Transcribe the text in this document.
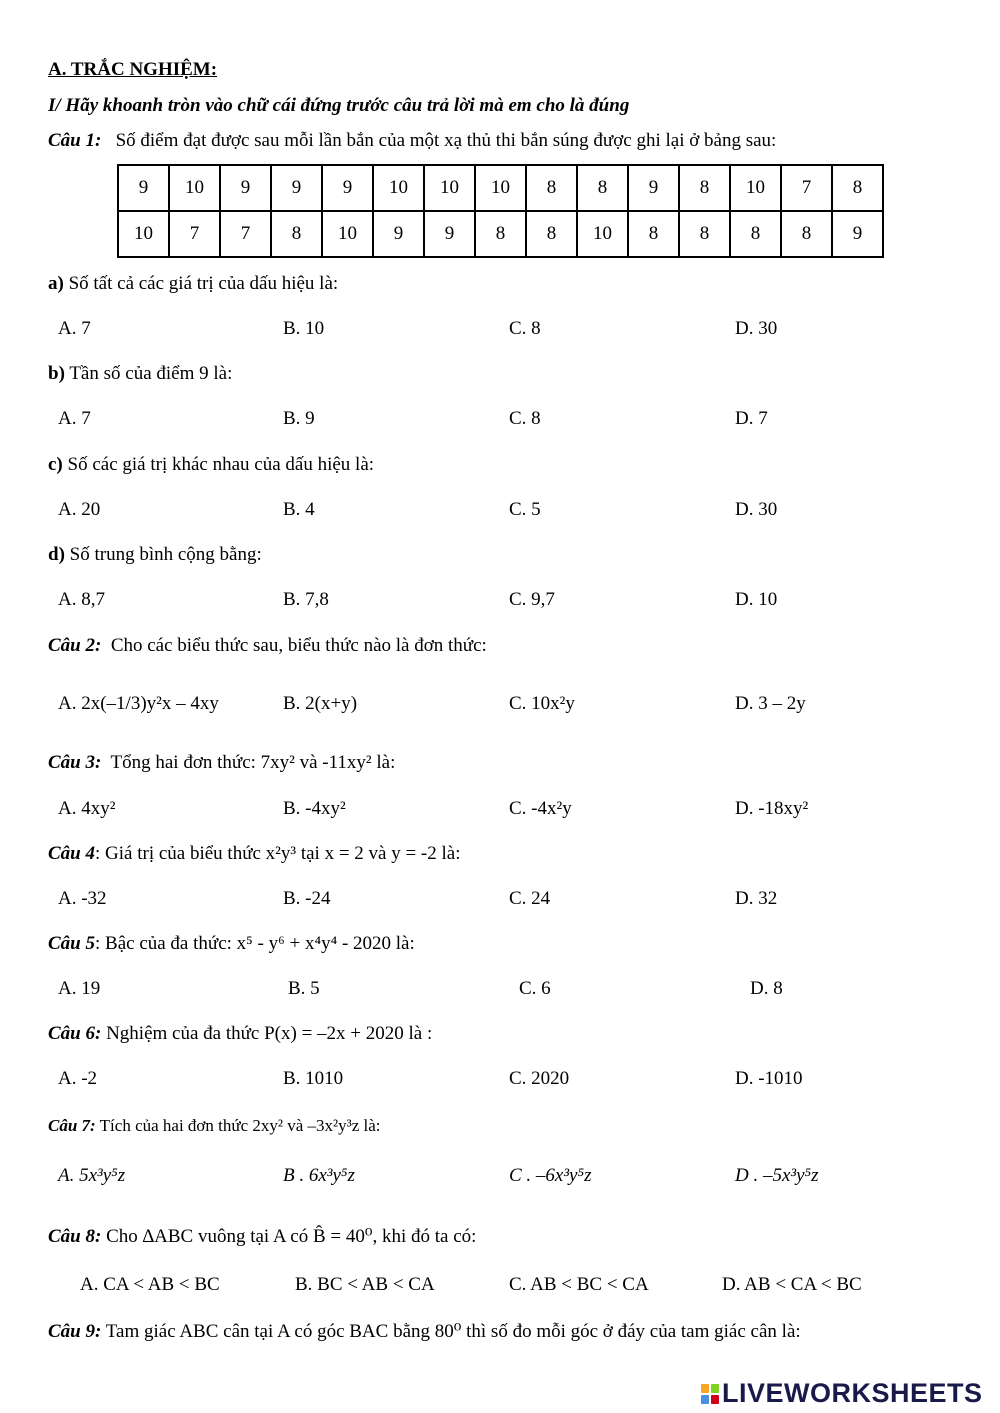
A. TRẮC NGHIỆM:
I/ Hãy khoanh tròn vào chữ cái đứng trước câu trả lời mà em cho là đúng
Câu 1: Số điểm đạt được sau mỗi lần bắn của một xạ thủ thi bắn súng được ghi lại ở bảng sau:
9	10	9	9	9	10	10	10	8	8	9	8	10	7	8
10	7	7	8	10	9	9	8	8	10	8	8	8	8	9
a) Số tất cả các giá trị của dấu hiệu là:
A. 7	B. 10	C. 8	D. 30
b) Tần số của điểm 9 là:
A. 7	B. 9	C. 8	D. 7
c) Số các giá trị khác nhau của dấu hiệu là:
A. 20	B. 4	C. 5	D. 30
d) Số trung bình cộng bằng:
A. 8,7	B. 7,8	C. 9,7	D. 10
Câu 2: Cho các biểu thức sau, biểu thức nào là đơn thức:
A. 2x(–1/3)y²x – 4xy	B. 2(x+y)	C. 10x²y	D. 3 – 2y
Câu 3: Tổng hai đơn thức: 7xy² và -11xy² là:
A. 4xy²	B. -4xy²	C. -4x²y	D. -18xy²
Câu 4: Giá trị của biểu thức x²y³ tại x = 2 và y = -2 là:
A. -32	B. -24	C. 24	D. 32
Câu 5: Bậc của đa thức: x⁵ - y⁶ + x⁴y⁴ - 2020 là:
A. 19	B. 5	C. 6	D. 8
Câu 6: Nghiệm của đa thức P(x) = –2x + 2020 là :
A. -2	B. 1010	C. 2020	D. -1010
Câu 7: Tích của hai đơn thức 2xy² và –3x²y³z là:
A. 5x³y⁵z	B . 6x³y⁵z	C . –6x³y⁵z	D . –5x³y⁵z
Câu 8: Cho ∆ABC vuông tại A có B̂ = 40⁰, khi đó ta có:
A. CA < AB < BC	B. BC < AB < CA	C. AB < BC < CA	D. AB < CA < BC
Câu 9: Tam giác ABC cân tại A có góc BAC bằng 80⁰ thì số đo mỗi góc ở đáy của tam giác cân là:
LIVEWORKSHEETS
